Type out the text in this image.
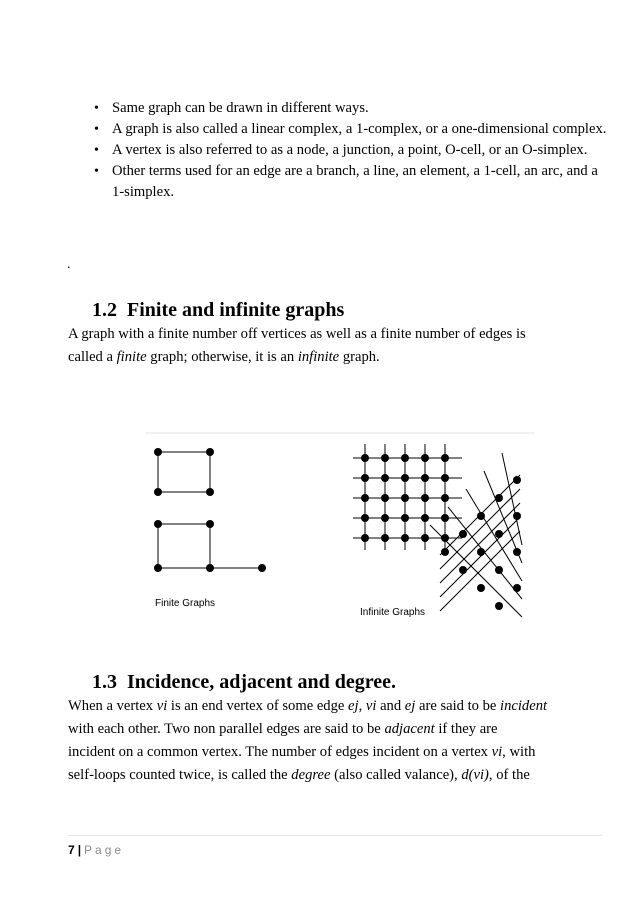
• Same graph can be drawn in different ways.
• A graph is also called a linear complex, a 1-complex, or a one-dimensional complex.
• A vertex is also referred to as a node, a junction, a point, O-cell, or an O-simplex.
• Other terms used for an edge are a branch, a line, an element, a 1-cell, an arc, and a 1-simplex.
.
1.2 Finite and infinite graphs

A graph with a finite number off vertices as well as a finite number of edges is
called a finite graph; otherwise, it is an infinite graph.

Finite Graphs
Infinite Graphs
1.3 Incidence, adjacent and degree.

When a vertex vi is an end vertex of some edge ej, vi and ej are said to be incident
with each other. Two non parallel edges are said to be adjacent if they are
incident on a common vertex. The number of edges incident on a vertex vi, with
self-loops counted twice, is called the degree (also called valance), d(vi), of the

7 | Page
